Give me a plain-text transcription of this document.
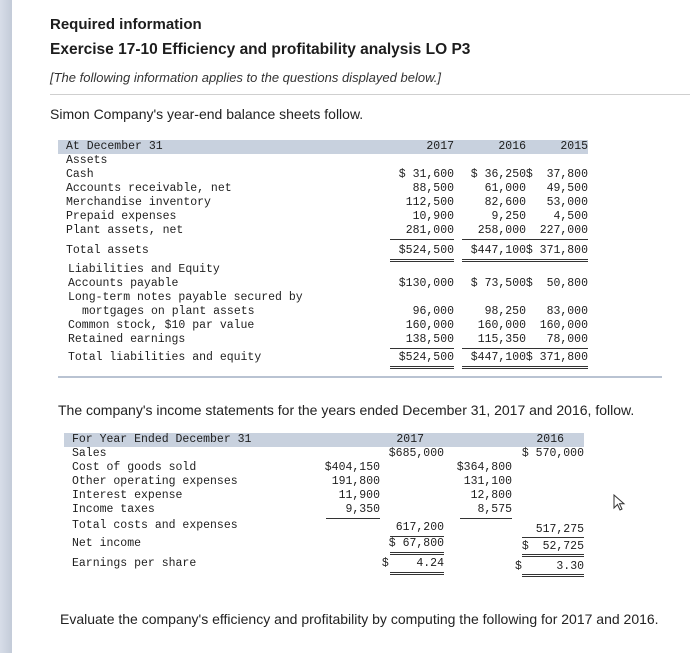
Required information
Exercise 17-10 Efficiency and profitability analysis LO P3
[The following information applies to the questions displayed below.]
Simon Company's year-end balance sheets follow.
At December 31	2017	2016	2015
Assets
Cash	$ 31,600	$ 36,250 $  37,800
Accounts receivable, net	88,500	61,000	49,500
Merchandise inventory	112,500	82,600	53,000
Prepaid expenses	10,900	9,250	4,500
Plant assets, net	281,000	258,000	227,000
Total assets	$524,500	$447,100 $ 371,800
Liabilities and Equity
Accounts payable	$130,000	$ 73,500 $  50,800
Long-term notes payable secured by
mortgages on plant assets	96,000	98,250	83,000
Common stock, $10 par value	160,000	160,000	160,000
Retained earnings	138,500	115,350	78,000
Total liabilities and equity	$524,500	$447,100 $ 371,800
The company's income statements for the years ended December 31, 2017 and 2016, follow.
For Year Ended December 31	2017	2016
Sales	$685,000	$ 570,000
Cost of goods sold	$404,150	$364,800
Other operating expenses	191,800	131,100
Interest expense	11,900	12,800
Income taxes	9,350	8,575
Total costs and expenses	617,200	517,275
Net income	$ 67,800	$  52,725
Earnings per share	$    4.24	$     3.30
Evaluate the company's efficiency and profitability by computing the following for 2017 and 2016.
